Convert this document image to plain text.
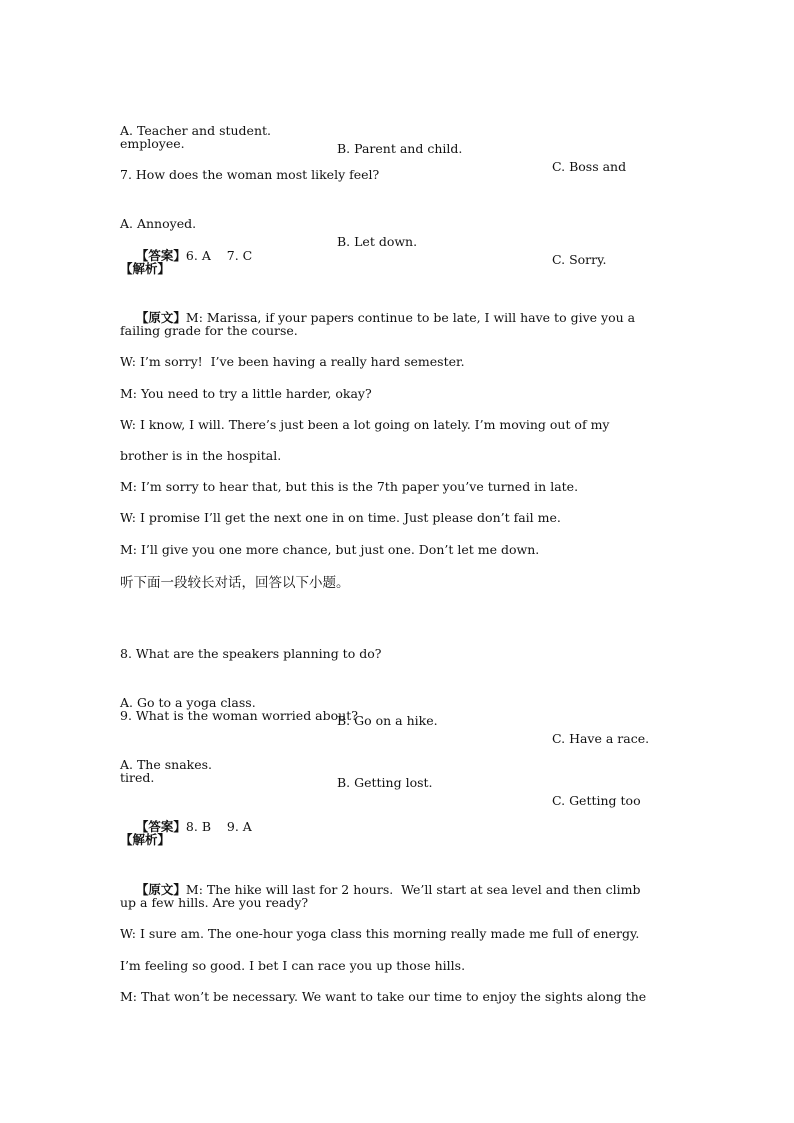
A. Teacher and student.

B. Parent and child.

C. Boss and

employee.
7. How does the woman most likely feel?

A. Annoyed.

B. Let down.

C. Sorry.

【答案】6. A    7. C

【解析】

【原文】M: Marissa, if your papers continue to be late, I will have to give you a

failing grade for the course.
W: I’m sorry!  I’ve been having a really hard semester.
M: You need to try a little harder, okay?
W: I know, I will. There’s just been a lot going on lately. I’m moving out of my
brother is in the hospital.
M: I’m sorry to hear that, but this is the 7th paper you’ve turned in late.
W: I promise I’ll get the next one in on time. Just please don’t fail me.
M: I’ll give you one more chance, but just one. Don’t let me down.
听下面一段较长对话，回答以下小题。
8. What are the speakers planning to do?

A. Go to a yoga class.

B. Go on a hike.

C. Have a race.

9. What is the woman worried about?

A. The snakes.

B. Getting lost.

C. Getting too

tired.

【答案】8. B    9. A

【解析】

【原文】M: The hike will last for 2 hours.  We’ll start at sea level and then climb

up a few hills. Are you ready?
W: I sure am. The one-hour yoga class this morning really made me full of energy.
I’m feeling so good. I bet I can race you up those hills.
M: That won’t be necessary. We want to take our time to enjoy the sights along the
